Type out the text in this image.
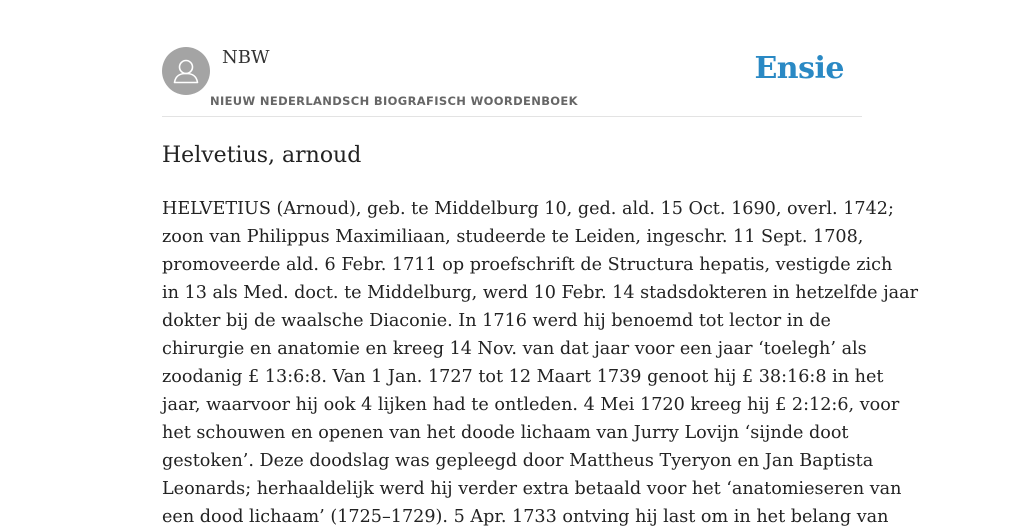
NBW

NIEUW NEDERLANDSCH BIOGRAFISCH WOORDENBOEK

Ensie
Helvetius, arnoud

HELVETIUS (Arnoud), geb. te Middelburg 10, ged. ald. 15 Oct. 1690, overl. 1742;
zoon van Philippus Maximiliaan, studeerde te Leiden, ingeschr. 11 Sept. 1708,
promoveerde ald. 6 Febr. 1711 op proefschrift de Structura hepatis, vestigde zich
in 13 als Med. doct. te Middelburg, werd 10 Febr. 14 stadsdokteren in hetzelfde jaar
dokter bij de waalsche Diaconie. In 1716 werd hij benoemd tot lector in de
chirurgie en anatomie en kreeg 14 Nov. van dat jaar voor een jaar ‘toelegh’ als
zoodanig £ 13:6:8. Van 1 Jan. 1727 tot 12 Maart 1739 genoot hij £ 38:16:8 in het
jaar, waarvoor hij ook 4 lijken had te ontleden. 4 Mei 1720 kreeg hij £ 2:12:6, voor
het schouwen en openen van het doode lichaam van Jurry Lovijn ‘sijnde doot
gestoken’. Deze doodslag was gepleegd door Mattheus Tyeryon en Jan Baptista
Leonards; herhaaldelijk werd hij verder extra betaald voor het ‘anatomieseren van
een dood lichaam’ (1725–1729). 5 Apr. 1733 ontving hij last om in het belang van
